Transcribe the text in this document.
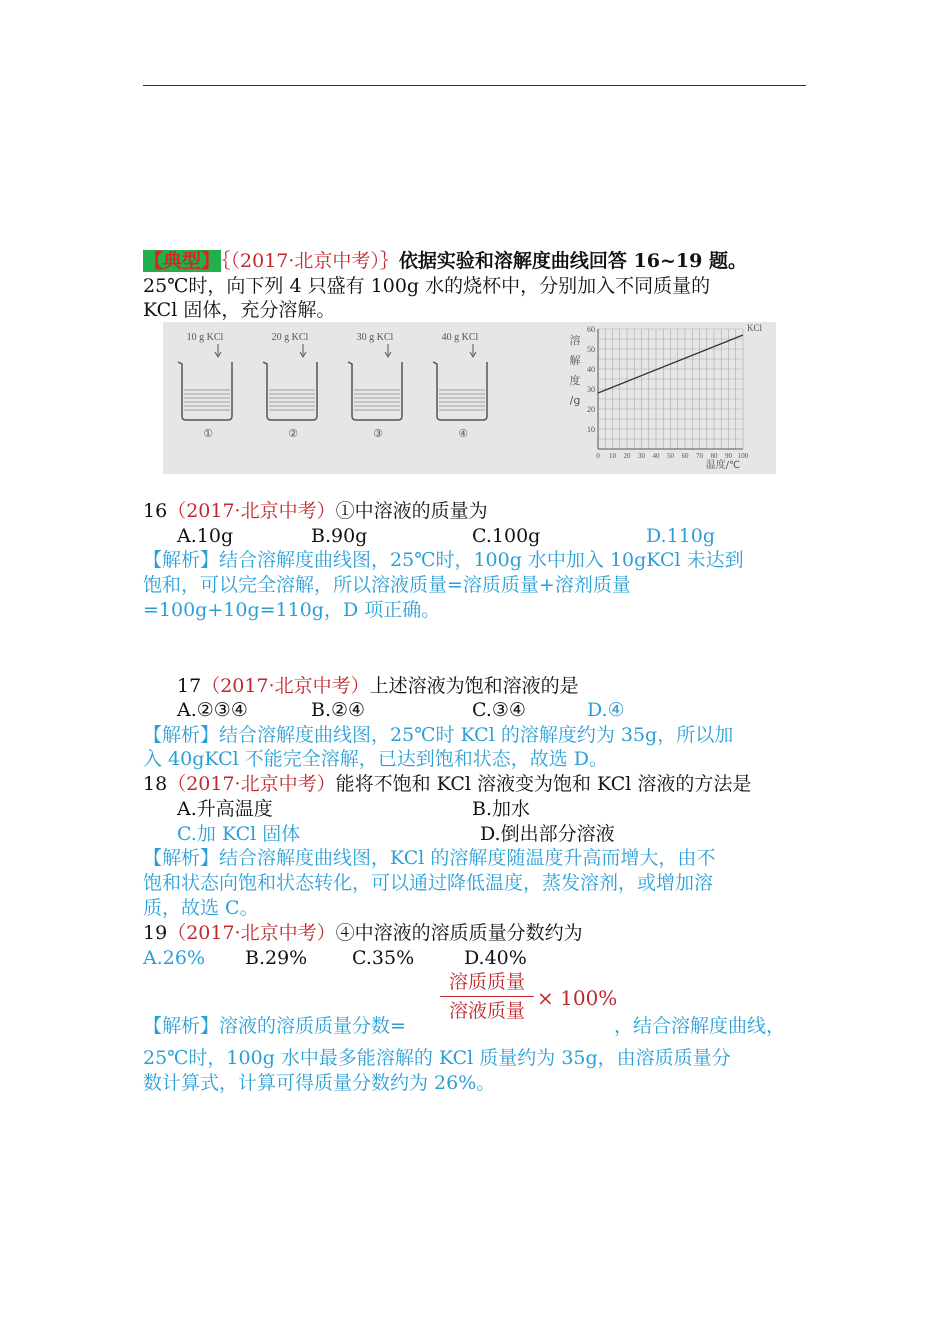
【典型】｛（2017·北京中考）｝依据实验和溶解度曲线回答 16~19 题。
25℃时，向下列 4 只盛有 100g 水的烧杯中，分别加入不同质量的
KCl 固体，充分溶解。
10 g KCl
①
20 g KCl
②
30 g KCl
③
40 g KCl
④	10
20
30
40
50
60
0 10 20 30 40 50 60 70 80 90 100
溶
解
度
/g
温度/℃
KCl
16（2017·北京中考）①中溶液的质量为
A.10g	B.90g	C.100g	D.110g
【解析】结合溶解度曲线图，25℃时，100g 水中加入 10gKCl 未达到
饱和，可以完全溶解，所以溶液质量=溶质质量+溶剂质量
=100g+10g=110g，D 项正确。
17（2017·北京中考）上述溶液为饱和溶液的是
A.②③④	B.②④	C.③④	D.④
【解析】结合溶解度曲线图，25℃时 KCl 的溶解度约为 35g，所以加
入 40gKCl 不能完全溶解，已达到饱和状态，故选 D。
18（2017·北京中考）能将不饱和 KCl 溶液变为饱和 KCl 溶液的方法是
A.升高温度	B.加水
C.加 KCl 固体	D.倒出部分溶液
【解析】结合溶解度曲线图，KCl 的溶解度随温度升高而增大，由不
饱和状态向饱和状态转化，可以通过降低温度，蒸发溶剂，或增加溶
质，故选 C。
19（2017·北京中考）④中溶液的溶质质量分数约为
A.26% B.29% C.35%	D.40%
溶质质量
溶液质量
× 100%
【解析】溶液的溶质质量分数=	，结合溶解度曲线，
25℃时，100g 水中最多能溶解的 KCl 质量约为 35g，由溶质质量分
数计算式，计算可得质量分数约为 26%。
